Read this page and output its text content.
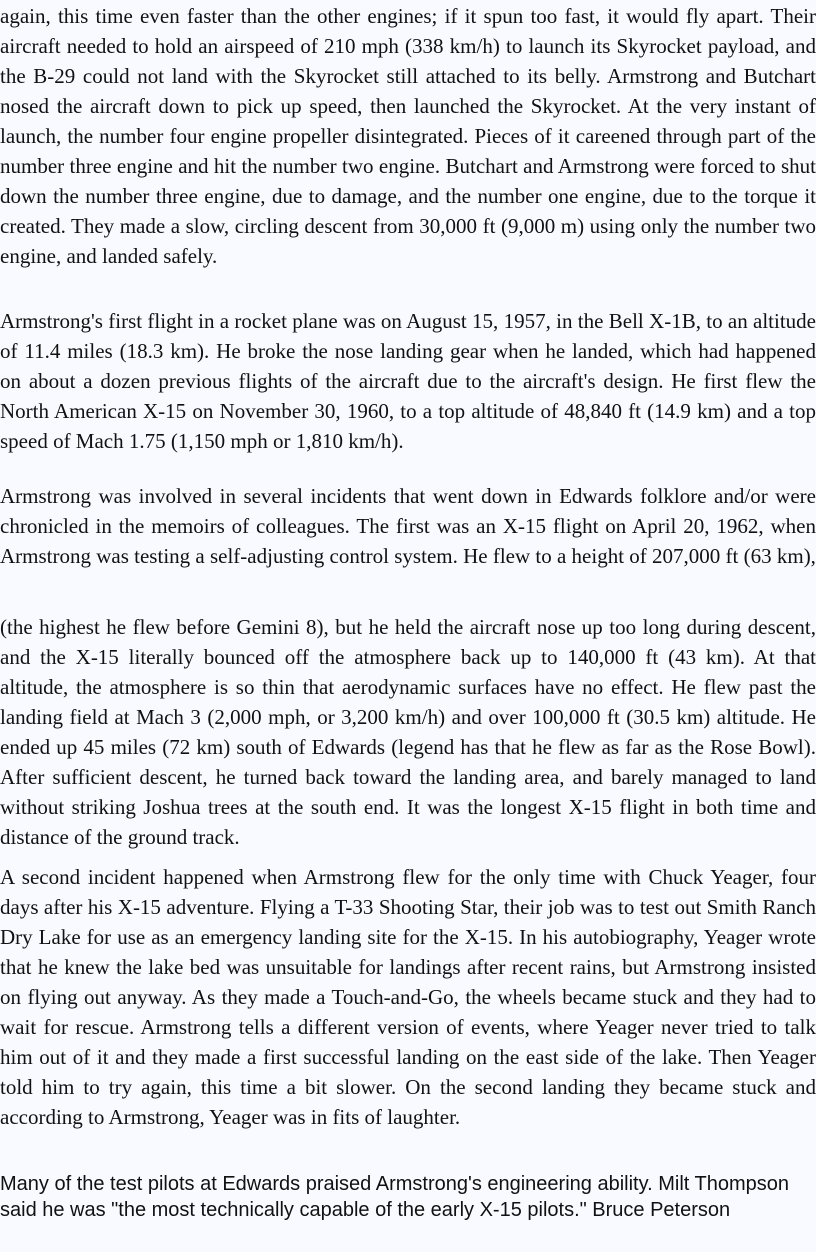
again, this time even faster than the other engines; if it spun too fast, it would fly apart. Their aircraft needed to hold an airspeed of 210 mph (338 km/h) to launch its Skyrocket payload, and the B-29 could not land with the Skyrocket still attached to its belly. Armstrong and Butchart nosed the aircraft down to pick up speed, then launched the Skyrocket. At the very instant of launch, the number four engine propeller disintegrated. Pieces of it careened through part of the number three engine and hit the number two engine. Butchart and Armstrong were forced to shut down the number three engine, due to damage, and the number one engine, due to the torque it created. They made a slow, circling descent from 30,000 ft (9,000 m) using only the number two engine, and landed safely.

Armstrong's first flight in a rocket plane was on August 15, 1957, in the Bell X-1B, to an altitude of 11.4 miles (18.3 km). He broke the nose landing gear when he landed, which had happened on about a dozen previous flights of the aircraft due to the aircraft's design. He first flew the North American X-15 on November 30, 1960, to a top altitude of 48,840 ft (14.9 km) and a top speed of Mach 1.75 (1,150 mph or 1,810 km/h).

Armstrong was involved in several incidents that went down in Edwards folklore and/or were chronicled in the memoirs of colleagues. The first was an X-15 flight on April 20, 1962, when Armstrong was testing a self-adjusting control system. He flew to a height of 207,000 ft (63 km),

(the highest he flew before Gemini 8), but he held the aircraft nose up too long during descent, and the X-15 literally bounced off the atmosphere back up to 140,000 ft (43 km). At that altitude, the atmosphere is so thin that aerodynamic surfaces have no effect. He flew past the landing field at Mach 3 (2,000 mph, or 3,200 km/h) and over 100,000 ft (30.5 km) altitude. He ended up 45 miles (72 km) south of Edwards (legend has that he flew as far as the Rose Bowl). After sufficient descent, he turned back toward the landing area, and barely managed to land without striking Joshua trees at the south end. It was the longest X-15 flight in both time and distance of the ground track.

A second incident happened when Armstrong flew for the only time with Chuck Yeager, four days after his X-15 adventure. Flying a T-33 Shooting Star, their job was to test out Smith Ranch Dry Lake for use as an emergency landing site for the X-15. In his autobiography, Yeager wrote that he knew the lake bed was unsuitable for landings after recent rains, but Armstrong insisted on flying out anyway. As they made a Touch-and-Go, the wheels became stuck and they had to wait for rescue. Armstrong tells a different version of events, where Yeager never tried to talk him out of it and they made a first successful landing on the east side of the lake. Then Yeager told him to try again, this time a bit slower. On the second landing they became stuck and according to Armstrong, Yeager was in fits of laughter.

Many of the test pilots at Edwards praised Armstrong's engineering ability. Milt Thompson said he was "the most technically capable of the early X-15 pilots." Bruce Peterson
